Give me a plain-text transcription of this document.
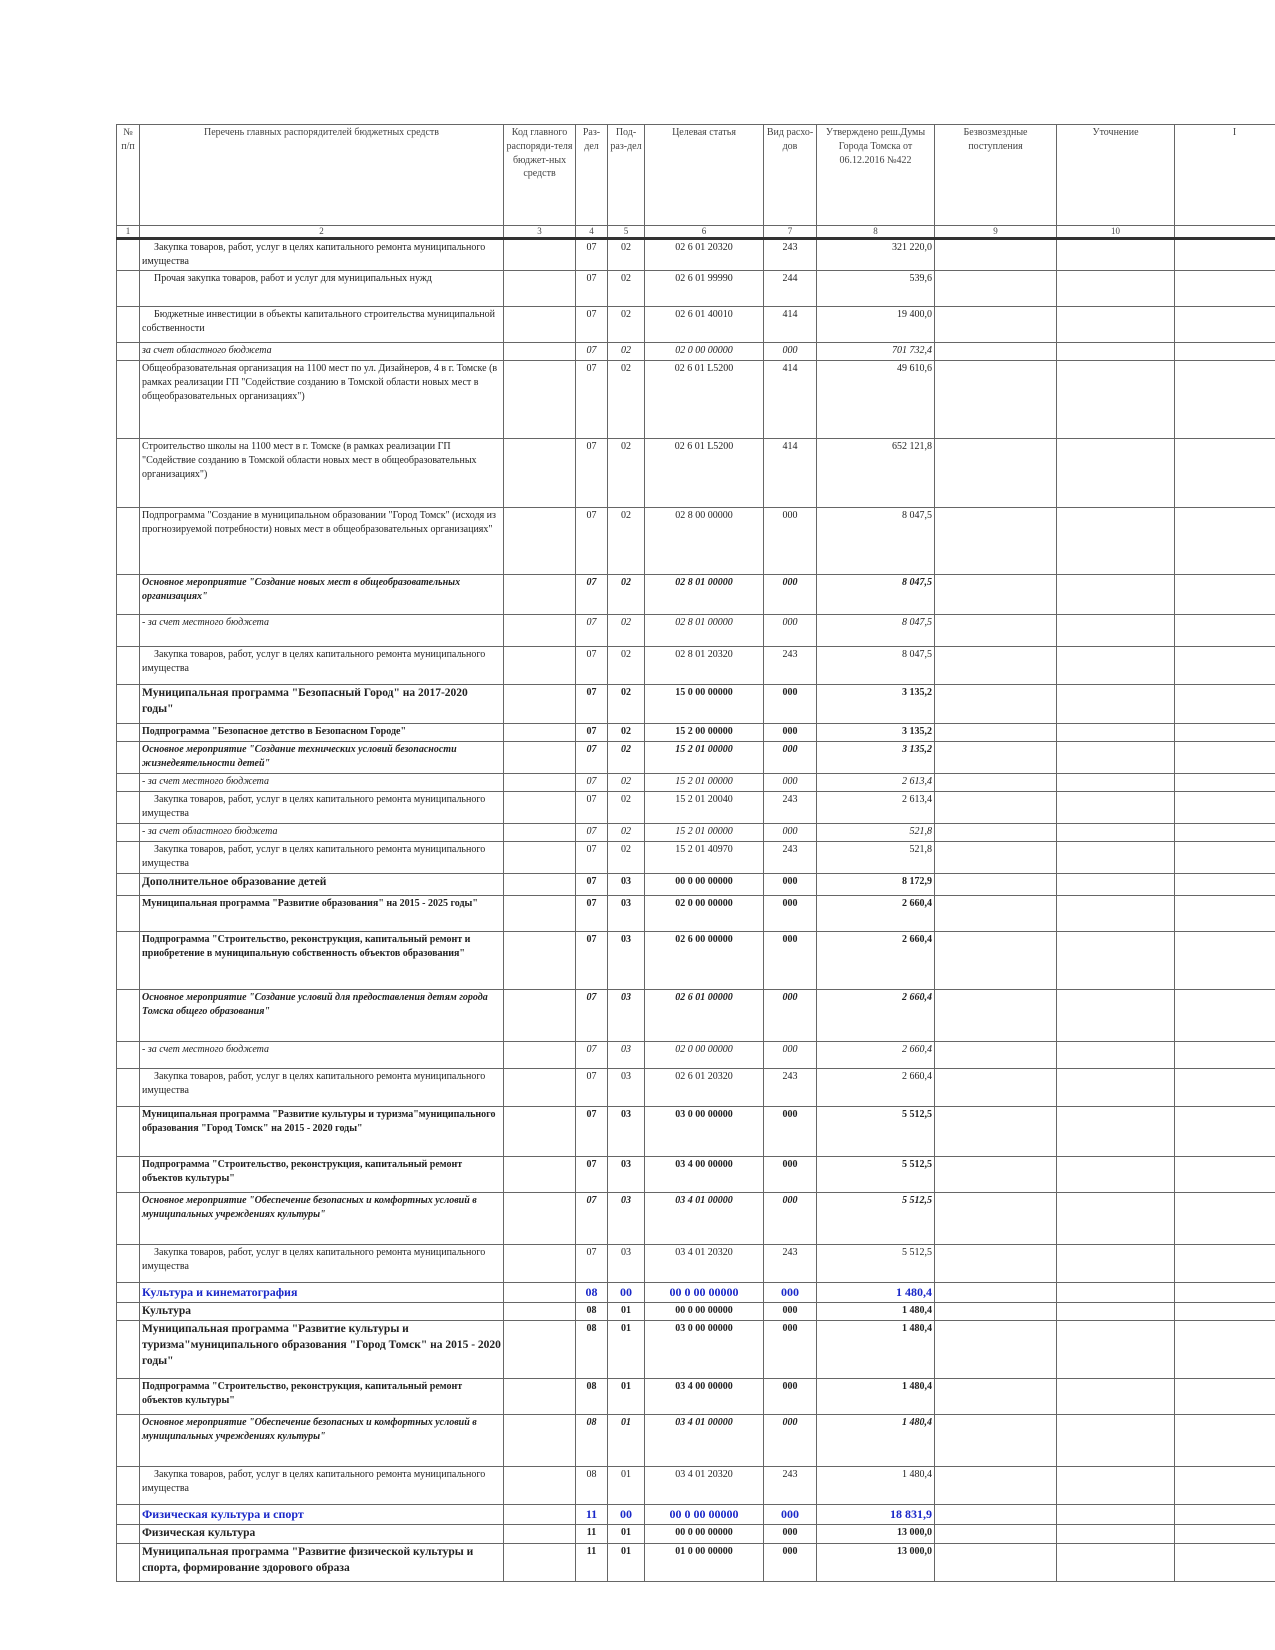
№ п/п	Перечень главных распорядителей бюджетных средств	Код главного распоряди-теля бюджет-ных средств	Раз-дел	Под-раз-дел	Целевая статья	Вид расхо-дов	Утверждено реш.Думы Города Томска от 06.12.2016 №422	Безвозмездные поступления	Уточнение	I
1	2	3	4	5	6	7	8	9	10	
	Закупка товаров, работ, услуг в целях капитального ремонта муниципального имущества		07	02	02 6 01 20320	243	321 220,0			
	Прочая закупка товаров, работ и услуг для муниципальных нужд		07	02	02 6 01 99990	244	539,6			
	Бюджетные инвестиции в объекты капитального строительства муниципальной собственности		07	02	02 6 01 40010	414	19 400,0			
	за счет областного бюджета		07	02	02 0 00 00000	000	701 732,4			
	Общеобразовательная организация на 1100 мест по ул. Дизайнеров, 4 в г. Томске (в рамках реализации ГП "Содействие созданию в Томской области новых мест в общеобразовательных организациях")		07	02	02 6 01 L5200	414	49 610,6			
	Строительство школы на 1100 мест в г. Томске (в рамках реализации ГП "Содействие созданию в Томской области новых мест в общеобразовательных организациях")		07	02	02 6 01 L5200	414	652 121,8			
	Подпрограмма "Создание в муниципальном образовании "Город Томск" (исходя из прогнозируемой потребности) новых мест в общеобразовательных организациях"		07	02	02 8 00 00000	000	8 047,5			
	Основное мероприятие "Создание новых мест в общеобразовательных организациях"		07	02	02 8 01 00000	000	8 047,5			
	- за счет местного бюджета		07	02	02 8 01 00000	000	8 047,5			
	Закупка товаров, работ, услуг в целях капитального ремонта муниципального имущества		07	02	02 8 01 20320	243	8 047,5			
	Муниципальная программа "Безопасный Город" на 2017-2020 годы"		07	02	15 0 00 00000	000	3 135,2			
	Подпрограмма "Безопасное детство в Безопасном Городе"		07	02	15 2 00 00000	000	3 135,2			
	Основное мероприятие "Создание технических условий безопасности жизнедеятельности детей"		07	02	15 2 01 00000	000	3 135,2			
	- за счет местного бюджета		07	02	15 2 01 00000	000	2 613,4			
	Закупка товаров, работ, услуг в целях капитального ремонта муниципального имущества		07	02	15 2 01 20040	243	2 613,4			
	- за счет областного бюджета		07	02	15 2 01 00000	000	521,8			
	Закупка товаров, работ, услуг в целях капитального ремонта муниципального имущества		07	02	15 2 01 40970	243	521,8			
	Дополнительное образование детей		07	03	00 0 00 00000	000	8 172,9			
	Муниципальная программа "Развитие образования" на 2015 - 2025 годы"		07	03	02 0 00 00000	000	2 660,4			
	Подпрограмма "Строительство, реконструкция, капитальный ремонт и приобретение в муниципальную собственность объектов образования"		07	03	02 6 00 00000	000	2 660,4			
	Основное мероприятие "Создание условий для предоставления детям города Томска общего образования"		07	03	02 6 01 00000	000	2 660,4			
	- за счет местного бюджета		07	03	02 0 00 00000	000	2 660,4			
	Закупка товаров, работ, услуг в целях капитального ремонта муниципального имущества		07	03	02 6 01 20320	243	2 660,4			
	Муниципальная программа "Развитие культуры и туризма"муниципального образования "Город Томск" на 2015 - 2020 годы"		07	03	03 0 00 00000	000	5 512,5			
	Подпрограмма "Строительство, реконструкция, капитальный ремонт объектов культуры"		07	03	03 4 00 00000	000	5 512,5			
	Основное мероприятие "Обеспечение безопасных и комфортных условий в муниципальных учреждениях культуры"		07	03	03 4 01 00000	000	5 512,5			
	Закупка товаров, работ, услуг в целях капитального ремонта муниципального имущества		07	03	03 4 01 20320	243	5 512,5			
	Культура и кинематография		08	00	00 0 00 00000	000	1 480,4			
	Культура		08	01	00 0 00 00000	000	1 480,4			
	Муниципальная программа "Развитие культуры и туризма"муниципального образования "Город Томск" на 2015 - 2020 годы"		08	01	03 0 00 00000	000	1 480,4			
	Подпрограмма "Строительство, реконструкция, капитальный ремонт объектов культуры"		08	01	03 4 00 00000	000	1 480,4			
	Основное мероприятие "Обеспечение безопасных и комфортных условий в муниципальных учреждениях культуры"		08	01	03 4 01 00000	000	1 480,4			
	Закупка товаров, работ, услуг в целях капитального ремонта муниципального имущества		08	01	03 4 01 20320	243	1 480,4			
	Физическая культура и спорт		11	00	00 0 00 00000	000	18 831,9			
	Физическая культура		11	01	00 0 00 00000	000	13 000,0			
	Муниципальная программа "Развитие физической культуры и спорта, формирование здорового образа		11	01	01 0 00 00000	000	13 000,0			
